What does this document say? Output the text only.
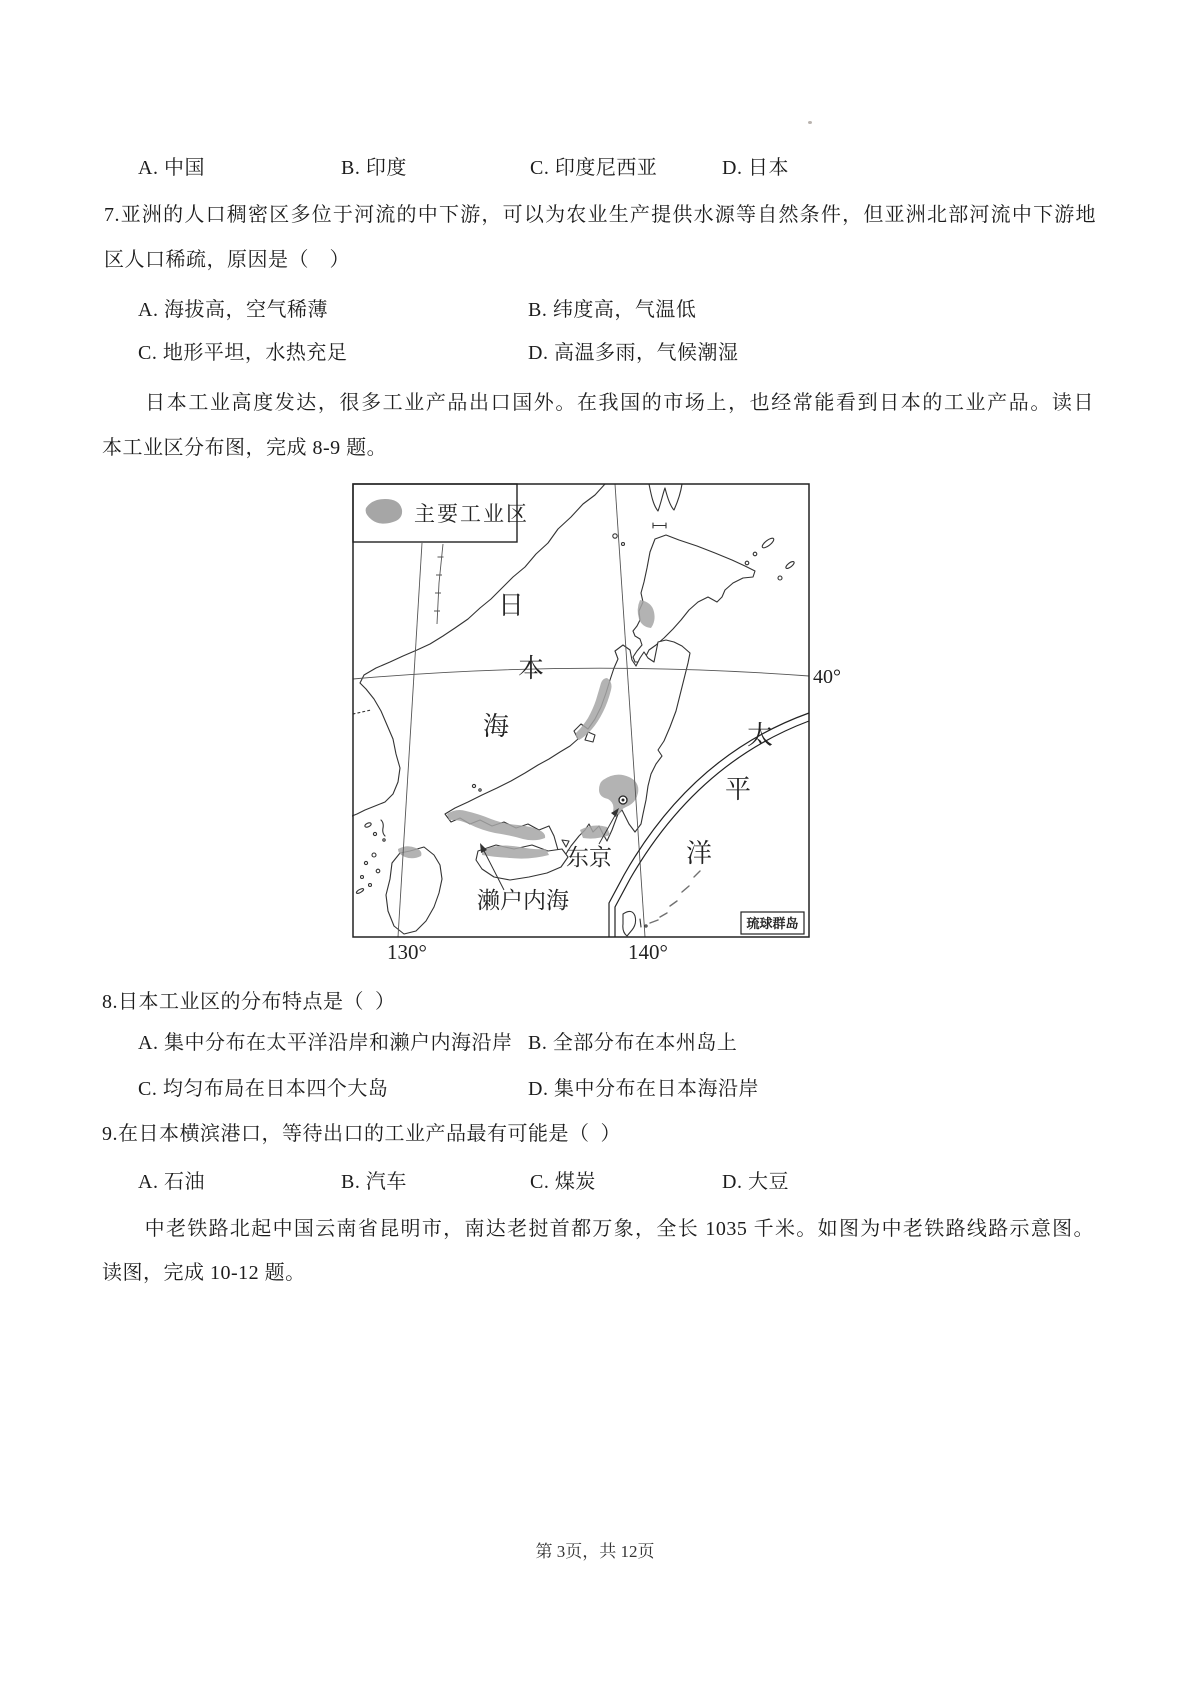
A. 中国	B. 印度	C. 印度尼西亚	D. 日本
7.亚洲的人口稠密区多位于河流的中下游，可以为农业生产提供水源等自然条件，但亚洲北部河流中下游地
区人口稀疏，原因是（　）
A. 海拔高，空气稀薄	B. 纬度高，气温低
C. 地形平坦，水热充足	D. 高温多雨，气候潮湿
　　日本工业高度发达，很多工业产品出口国外。在我国的市场上，也经常能看到日本的工业产品。读日
本工业区分布图，完成 8-9 题。
日
本
海	太
平
洋
东京
濑户内海
琉球群岛
主要工业区
40°
130°	140°
8.日本工业区的分布特点是（  ）
A. 集中分布在太平洋沿岸和濑户内海沿岸 B. 全部分布在本州岛上
C. 均匀布局在日本四个大岛	D. 集中分布在日本海沿岸
9.在日本横滨港口，等待出口的工业产品最有可能是（  ）
A. 石油	B. 汽车	C. 煤炭	D. 大豆
　　中老铁路北起中国云南省昆明市，南达老挝首都万象，全长 1035 千米。如图为中老铁路线路示意图。
读图，完成 10-12 题。
第 3页，共 12页
